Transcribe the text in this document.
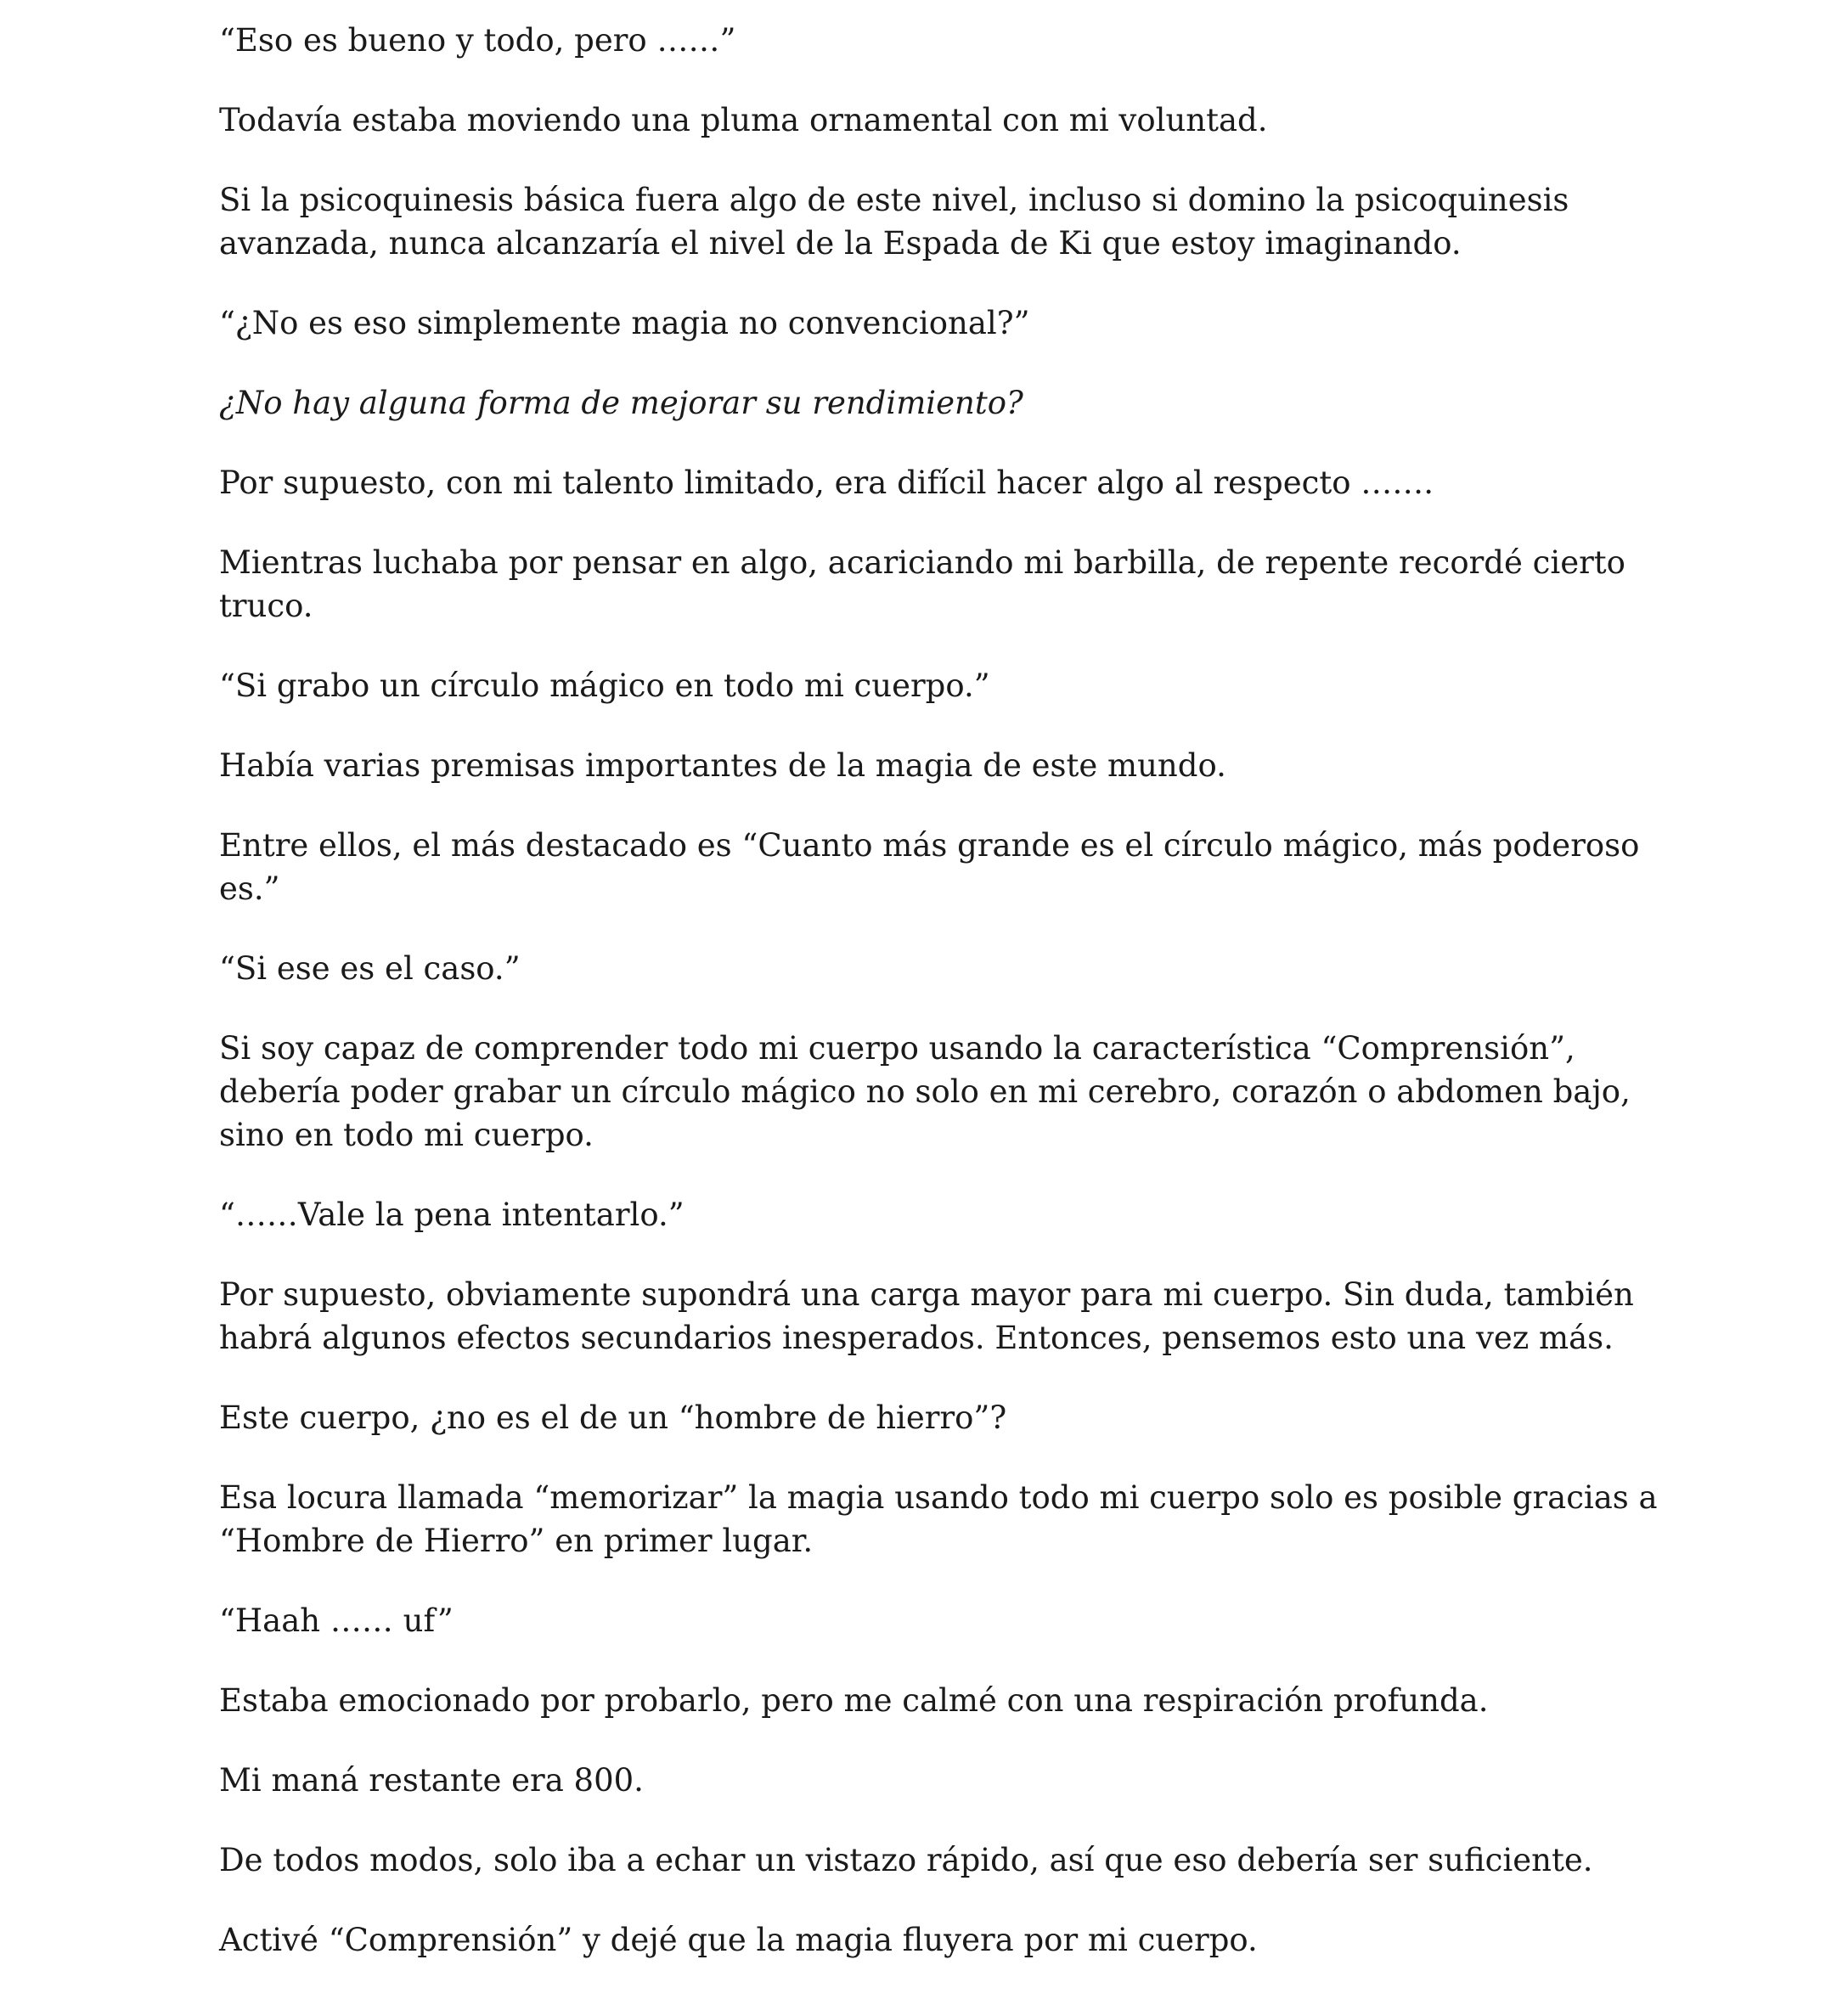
“Eso es bueno y todo, pero ……”

Todavía estaba moviendo una pluma ornamental con mi voluntad.

Si la psicoquinesis básica fuera algo de este nivel, incluso si domino la psicoquinesis avanzada, nunca alcanzaría el nivel de la Espada de Ki que estoy imaginando.

“¿No es eso simplemente magia no convencional?”

¿No hay alguna forma de mejorar su rendimiento?

Por supuesto, con mi talento limitado, era difícil hacer algo al respecto …….

Mientras luchaba por pensar en algo, acariciando mi barbilla, de repente recordé cierto truco.

“Si grabo un círculo mágico en todo mi cuerpo.”

Había varias premisas importantes de la magia de este mundo.

Entre ellos, el más destacado es “Cuanto más grande es el círculo mágico, más poderoso es.”

“Si ese es el caso.”

Si soy capaz de comprender todo mi cuerpo usando la característica “Comprensión”, debería poder grabar un círculo mágico no solo en mi cerebro, corazón o abdomen bajo, sino en todo mi cuerpo.

“……Vale la pena intentarlo.”

Por supuesto, obviamente supondrá una carga mayor para mi cuerpo. Sin duda, también habrá algunos efectos secundarios inesperados. Entonces, pensemos esto una vez más.

Este cuerpo, ¿no es el de un “hombre de hierro”?

Esa locura llamada “memorizar” la magia usando todo mi cuerpo solo es posible gracias a “Hombre de Hierro” en primer lugar.

“Haah …… uf”

Estaba emocionado por probarlo, pero me calmé con una respiración profunda.

Mi maná restante era 800.

De todos modos, solo iba a echar un vistazo rápido, así que eso debería ser suficiente.

Activé “Comprensión” y dejé que la magia fluyera por mi cuerpo.
